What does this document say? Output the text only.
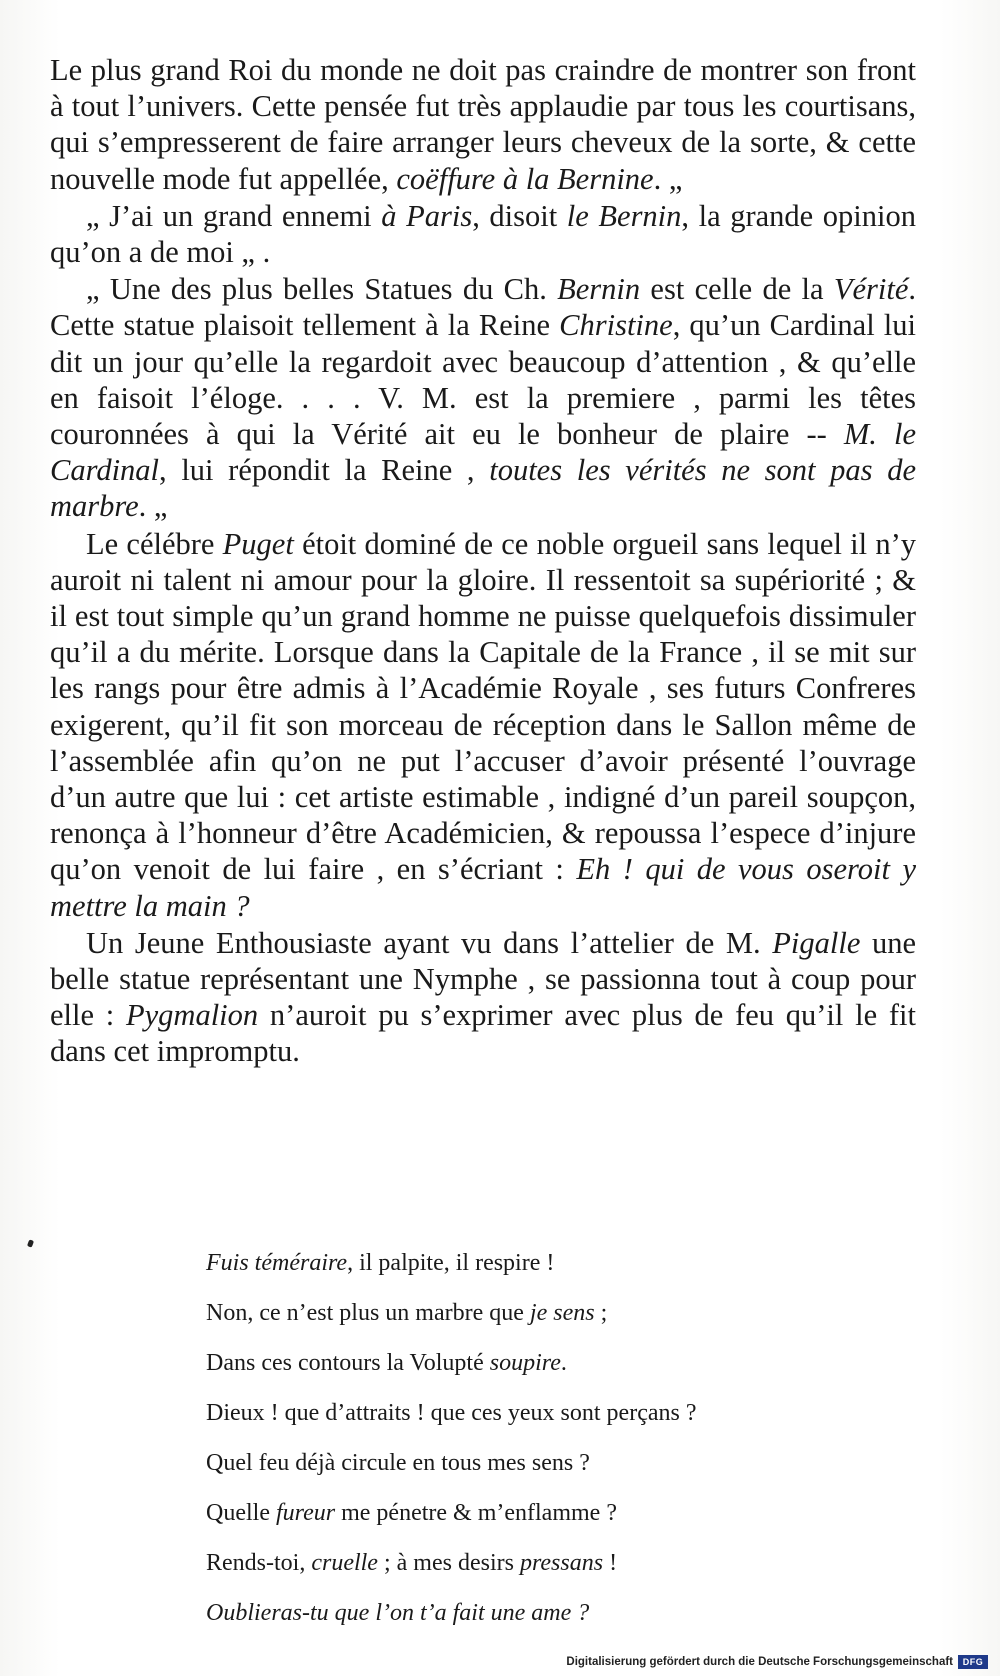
Le plus grand Roi du monde ne doit pas craindre de montrer son front à tout l’univers. Cette pensée fut très applaudie par tous les courtisans, qui s’empresserent de faire arranger leurs cheveux de la sorte, & cette nouvelle mode fut appellée, coëffure à la Bernine. „

„ J’ai un grand ennemi à Paris, disoit le Bernin, la grande opinion qu’on a de moi „ .

„ Une des plus belles Statues du Ch. Bernin est celle de la Vérité. Cette statue plaisoit tellement à la Reine Christine, qu’un Cardinal lui dit un jour qu’elle la regardoit avec beaucoup d’attention , & qu’elle en faisoit l’éloge. . . . V. M. est la premiere , parmi les têtes couronnées à qui la Vérité ait eu le bonheur de plaire -- M. le Cardinal, lui répondit la Reine , toutes les vérités ne sont pas de marbre. „

Le célébre Puget étoit dominé de ce noble orgueil sans lequel il n’y auroit ni talent ni amour pour la gloire. Il ressentoit sa supériorité ; & il est tout simple qu’un grand homme ne puisse quelquefois dissimuler qu’il a du mérite. Lorsque dans la Capitale de la France , il se mit sur les rangs pour être admis à l’Académie Royale , ses futurs Confreres exigerent, qu’il fit son morceau de réception dans le Sallon même de l’assemblée afin qu’on ne put l’accuser d’avoir présenté l’ouvrage d’un autre que lui : cet artiste estimable , indigné d’un pareil soupçon, renonça à l’honneur d’être Académicien, & repoussa l’espece d’injure qu’on venoit de lui faire , en s’écriant : Eh ! qui de vous oseroit y mettre la main ?

Un Jeune Enthousiaste ayant vu dans l’attelier de M. Pigalle une belle statue représentant une Nymphe , se passionna tout à coup pour elle : Pygmalion n’auroit pu s’exprimer avec plus de feu qu’il le fit dans cet impromptu.

Fuis téméraire, il palpite, il respire !
Non, ce n’est plus un marbre que je sens ;
Dans ces contours la Volupté soupire.
Dieux ! que d’attraits ! que ces yeux sont perçans ?
Quel feu déjà circule en tous mes sens ?
Quelle fureur me pénetre & m’enflamme ?
Rends-toi, cruelle ; à mes desirs pressans !
Oublieras-tu que l’on t’a fait une ame ?
Digitalisierung gefördert durch die Deutsche Forschungsgemeinschaft	DFG
